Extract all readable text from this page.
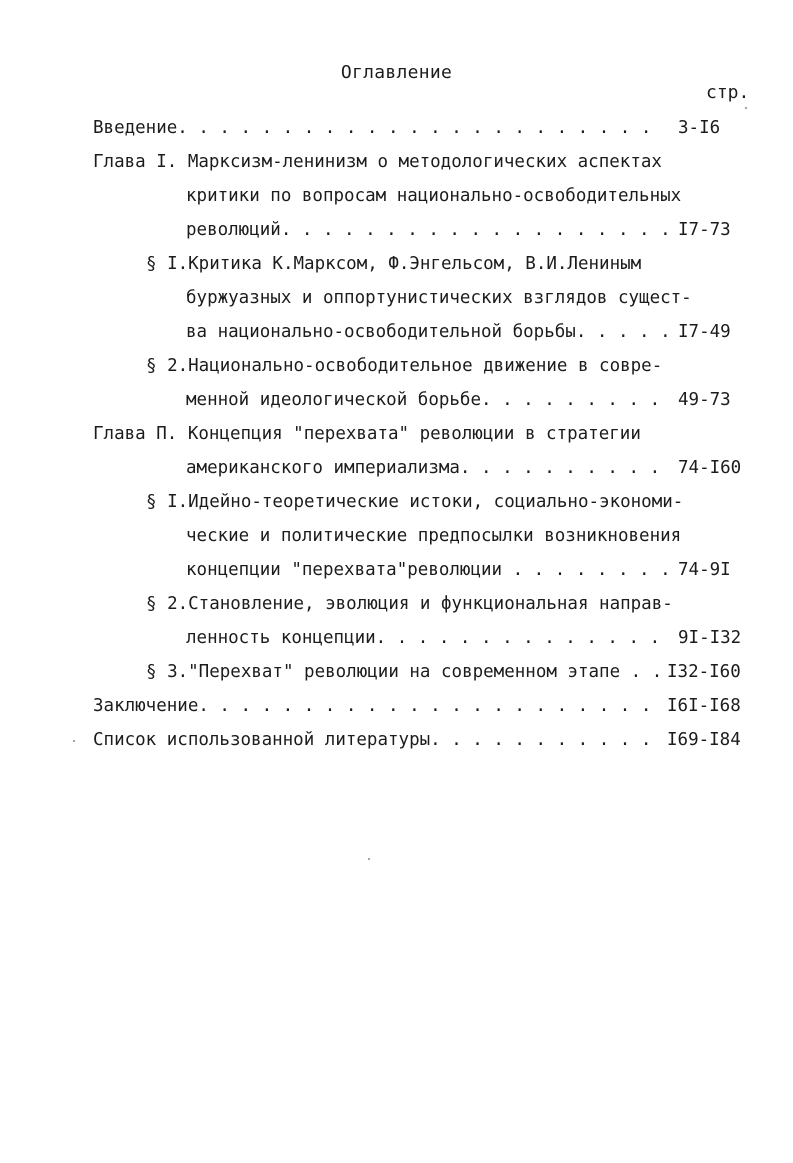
Оглавление
стр.
Введение. . . . . . . . . . . . . . . . . . . . . . . 3-I6
Глава I. Марксизм-ленинизм о методологических аспектах
критики по вопросам национально-освободительных
революций. . . . . . . . . . . . . . . . . . . I7-73
§ I.Критика К.Марксом, Ф.Энгельсом, В.И.Лениным
буржуазных и оппортунистических взглядов сущест-
ва национально-освободительной борьбы. . . . . I7-49
§ 2.Национально-освободительное движение в совре-
менной идеологической борьбе. . . . . . . . . 49-73
Глава П. Концепция "перехвата" революции в стратегии
американского империализма. . . . . . . . . . 74-I60
§ I.Идейно-теоретические истоки, социально-экономи-
ческие и политические предпосылки возникновения
концепции "перехвата"революции . . . . . . . . 74-9I
§ 2.Становление, эволюция и функциональная направ-
ленность концепции. . . . . . . . . . . . . . 9I-I32
§ 3."Перехват" революции на современном этапе . . I32-I60
Заключение. . . . . . . . . . . . . . . . . . . . . . I6I-I68
Список использованной литературы. . . . . . . . . . . I69-I84
